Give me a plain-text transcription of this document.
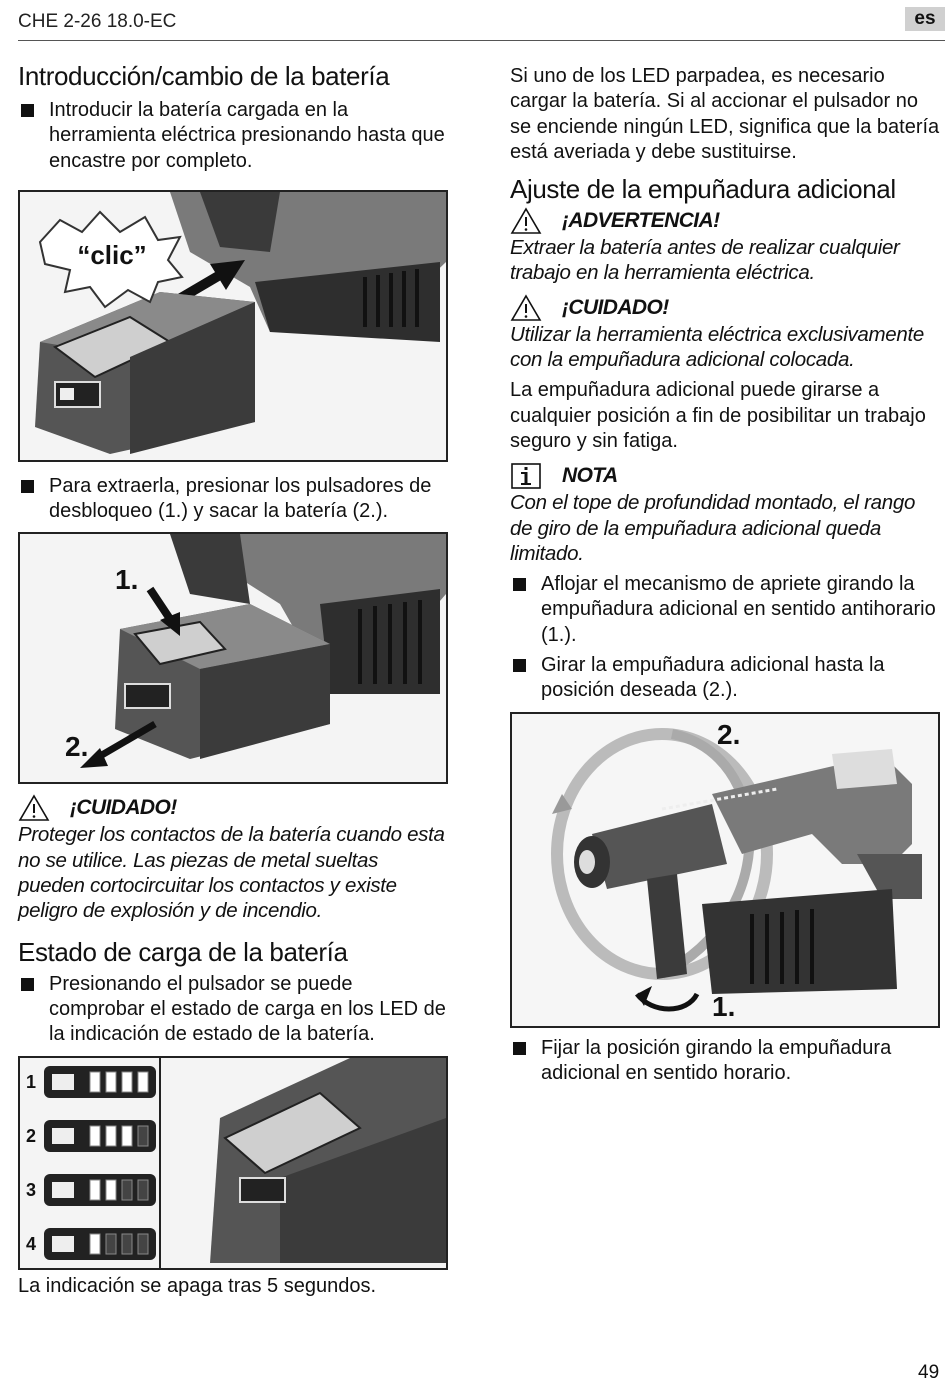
CHE 2-26 18.0-EC	es
Introducción/cambio de la batería
Introducir la batería cargada en la herramienta eléctrica presionando hasta que encastre por completo.
“clic”
Para extraerla, presionar los pulsadores de desbloqueo (1.) y sacar la batería (2.).
1.
2.
¡CUIDADO!

Proteger los contactos de la batería cuando esta no se utilice. Las piezas de metal sueltas pueden cortocircuitar los contactos y existe peligro de explosión y de incendio.

Estado de carga de la batería
Presionando el pulsador se puede comprobar el estado de carga en los LED de la indicación de estado de la batería.
1
2
3
4

La indicación se apaga tras 5 segundos.

Si uno de los LED parpadea, es necesario cargar la batería. Si al accionar el pulsador no se enciende ningún LED, significa que la batería está averiada y debe sustituirse.

Ajuste de la empuñadura adicional
¡ADVERTENCIA!

Extraer la batería antes de realizar cualquier trabajo en la herramienta eléctrica.

¡CUIDADO!

Utilizar la herramienta eléctrica exclusivamente con la empuñadura adicional colocada.

La empuñadura adicional puede girarse a cualquier posición a fin de posibilitar un trabajo seguro y sin fatiga.

NOTA

Con el tope de profundidad montado, el rango de giro de la empuñadura adicional queda limitado.

Aflojar el mecanismo de apriete girando la empuñadura adicional en sentido antihorario (1.).
Girar la empuñadura adicional hasta la posición deseada (2.).
1.
2.
Fijar la posición girando la empuñadura adicional en sentido horario.
49
